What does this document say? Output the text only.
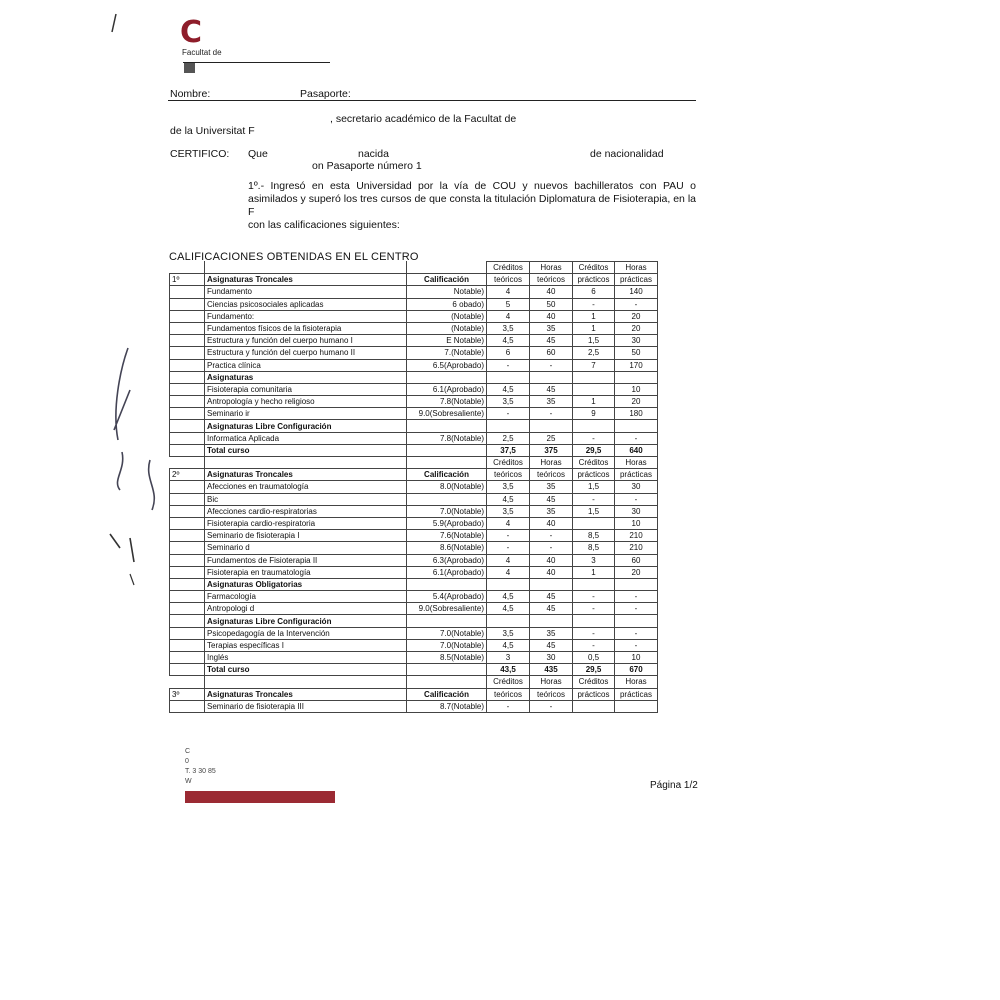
C
Facultat de
Nombre:	Pasaporte:
, secretario académico de la Facultat de
de la Universitat F
CERTIFICO: Que	nacida	de nacionalidad
on Pasaporte número 1
1º.- Ingresó en esta Universidad por la vía de COU y nuevos bachilleratos con PAU o asimilados y superó los tres cursos de que consta la titulación Diplomatura de Fisioterapia, en la F
con las calificaciones siguientes:
CALIFICACIONES OBTENIDAS EN EL CENTRO
			Créditos	Horas	Créditos	Horas
1º	Asignaturas Troncales	Calificación	teóricos	teóricos	prácticos	prácticas
	Fundamento	Notable)	4	40	6	140
	Ciencias psicosociales aplicadas	6 obado)	5	50	-	-
	Fundamento:	(Notable)	4	40	1	20
	Fundamentos físicos de la fisioterapia	(Notable)	3,5	35	1	20
	Estructura y función del cuerpo humano I	E Notable)	4,5	45	1,5	30
	Estructura y función del cuerpo humano II	7.(Notable)	6	60	2,5	50
	Practica clínica	6.5(Aprobado)	-	-	7	170
	Asignaturas					
	Fisioterapia comunitaria	6.1(Aprobado)	4,5	45		10
	Antropología y hecho religioso	7.8(Notable)	3,5	35	1	20
	Seminario ir	9.0(Sobresaliente)	-	-	9	180
	Asignaturas Libre Configuración					
	Informatica Aplicada	7.8(Notable)	2,5	25	-	-
	Total curso		37,5	375	29,5	640
			Créditos	Horas	Créditos	Horas
2º	Asignaturas Troncales	Calificación	teóricos	teóricos	prácticos	prácticas
	Afecciones en traumatología	8.0(Notable)	3,5	35	1,5	30
	Bic		4,5	45	-	-
	Afecciones cardio-respiratorias	7.0(Notable)	3,5	35	1,5	30
	Fisioterapia cardio-respiratoria	5.9(Aprobado)	4	40		10
	Seminario de fisioterapia I	7.6(Notable)	-	-	8,5	210
	Seminario d	8.6(Notable)	-	-	8,5	210
	Fundamentos de Fisioterapia II	6.3(Aprobado)	4	40	3	60
	Fisioterapia en traumatología	6.1(Aprobado)	4	40	1	20
	Asignaturas Obligatorias					
	Farmacología	5.4(Aprobado)	4,5	45	-	-
	Antropologi d	9.0(Sobresaliente)	4,5	45	-	-
	Asignaturas Libre Configuración					
	Psicopedagogía de la Intervención	7.0(Notable)	3,5	35	-	-
	Terapias específicas I	7.0(Notable)	4,5	45	-	-
	Inglés	8.5(Notable)	3	30	0,5	10
	Total curso		43,5	435	29,5	670
			Créditos	Horas	Créditos	Horas
3º	Asignaturas Troncales	Calificación	teóricos	teóricos	prácticos	prácticas
	Seminario de fisioterapia III	8.7(Notable)	-	-		
C
0
T. 3 30 85
W	Página 1/2
